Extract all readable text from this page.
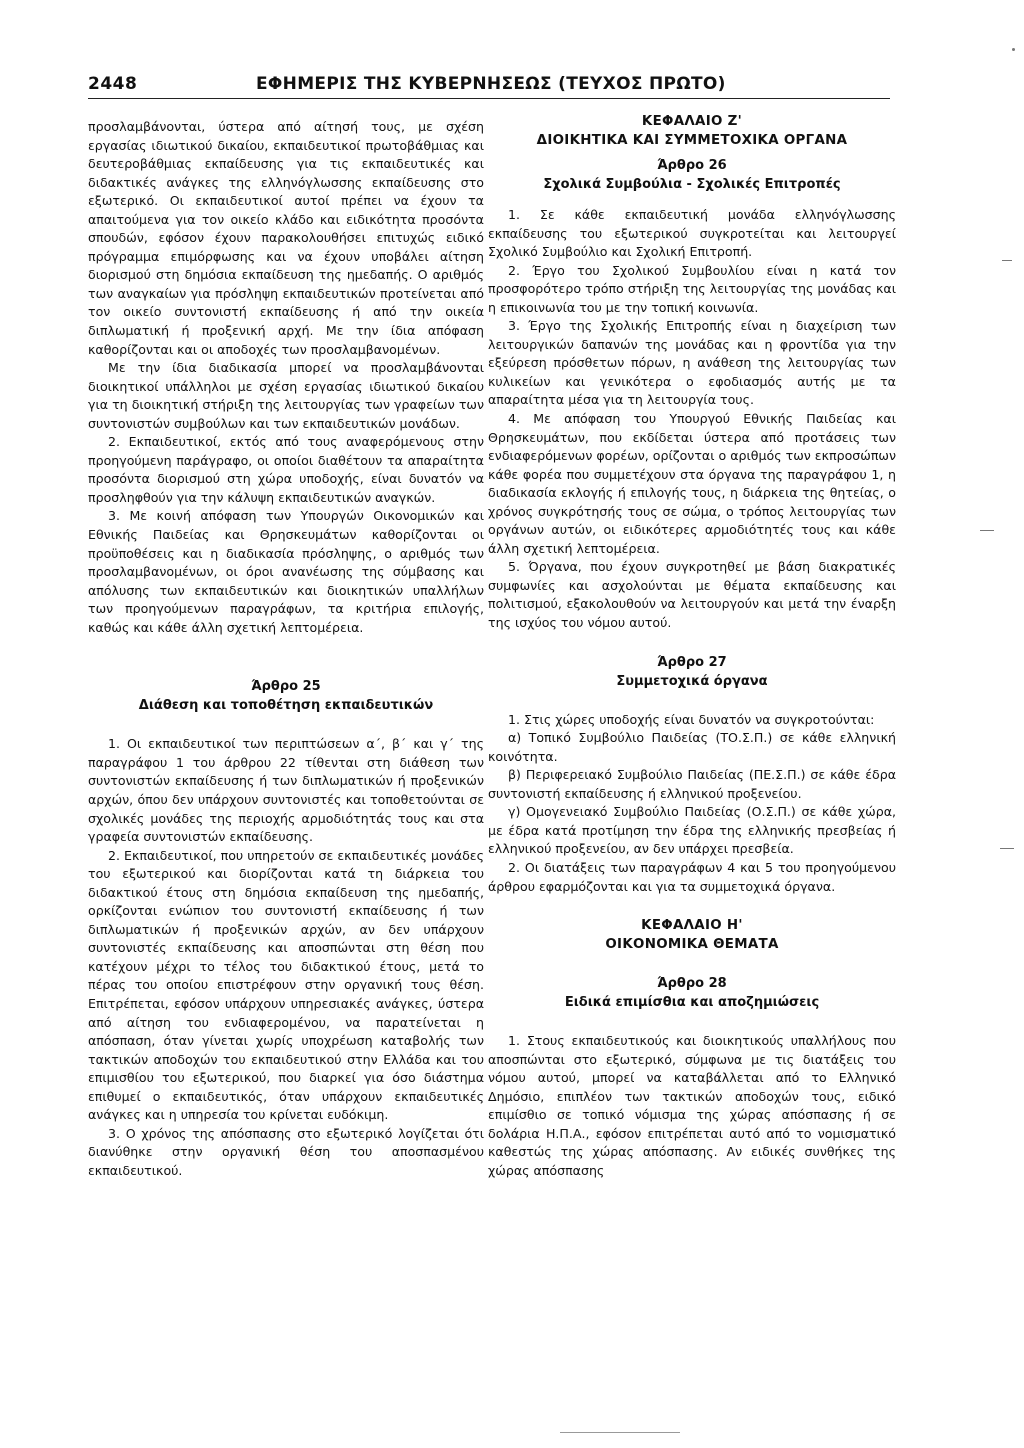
2448	ΕΦΗΜΕΡΙΣ ΤΗΣ ΚΥΒΕΡΝΗΣΕΩΣ (ΤΕΥΧΟΣ ΠΡΩΤΟ)

προσλαμβάνονται, ύστερα από αίτησή τους, με σχέση εργασίας ιδιωτικού δικαίου, εκπαιδευτικοί πρωτοβάθμιας και δευτεροβάθμιας εκπαίδευσης για τις εκπαιδευτικές και διδακτικές ανάγκες της ελληνόγλωσσης εκπαίδευσης στο εξωτερικό. Οι εκπαιδευτικοί αυτοί πρέπει να έχουν τα απαιτούμενα για τον οικείο κλάδο και ειδικότητα προσόντα σπουδών, εφόσον έχουν παρακολουθήσει επιτυχώς ειδικό πρόγραμμα επιμόρφωσης και να έχουν υποβάλει αίτηση διορισμού στη δημόσια εκπαίδευση της ημεδαπής. Ο αριθμός των αναγκαίων για πρόσληψη εκπαιδευτικών προτείνεται από τον οικείο συντονιστή εκπαίδευσης ή από την οικεία διπλωματική ή προξενική αρχή. Με την ίδια απόφαση καθορίζονται και οι αποδοχές των προσλαμβανομένων.

Με την ίδια διαδικασία μπορεί να προσλαμβάνονται διοικητικοί υπάλληλοι με σχέση εργασίας ιδιωτικού δικαίου για τη διοικητική στήριξη της λειτουργίας των γραφείων των συντονιστών συμβούλων και των εκπαιδευτικών μονάδων.

2. Εκπαιδευτικοί, εκτός από τους αναφερόμενους στην προηγούμενη παράγραφο, οι οποίοι διαθέτουν τα απαραίτητα προσόντα διορισμού στη χώρα υποδοχής, είναι δυνατόν να προσληφθούν για την κάλυψη εκπαιδευτικών αναγκών.

3. Με κοινή απόφαση των Υπουργών Οικονομικών και Εθνικής Παιδείας και Θρησκευμάτων καθορίζονται οι προϋποθέσεις και η διαδικασία πρόσληψης, ο αριθμός των προσλαμβανομένων, οι όροι ανανέωσης της σύμβασης και απόλυσης των εκπαιδευτικών και διοικητικών υπαλλήλων των προηγούμενων παραγράφων, τα κριτήρια επιλογής, καθώς και κάθε άλλη σχετική λεπτομέρεια.

Άρθρο 25

Διάθεση και τοποθέτηση εκπαιδευτικών

1. Οι εκπαιδευτικοί των περιπτώσεων α΄, β΄ και γ΄ της παραγράφου 1 του άρθρου 22 τίθενται στη διάθεση των συντονιστών εκπαίδευσης ή των διπλωματικών ή προξενικών αρχών, όπου δεν υπάρχουν συντονιστές και τοποθετούνται σε σχολικές μονάδες της περιοχής αρμοδιότητάς τους και στα γραφεία συντονιστών εκπαίδευσης.

2. Εκπαιδευτικοί, που υπηρετούν σε εκπαιδευτικές μονάδες του εξωτερικού και διορίζονται κατά τη διάρκεια του διδακτικού έτους στη δημόσια εκπαίδευση της ημεδαπής, ορκίζονται ενώπιον του συντονιστή εκπαίδευσης ή των διπλωματικών ή προξενικών αρχών, αν δεν υπάρχουν συντονιστές εκπαίδευσης και αποσπώνται στη θέση που κατέχουν μέχρι το τέλος του διδακτικού έτους, μετά το πέρας του οποίου επιστρέφουν στην οργανική τους θέση. Επιτρέπεται, εφόσον υπάρχουν υπηρεσιακές ανάγκες, ύστερα από αίτηση του ενδιαφερομένου, να παρατείνεται η απόσπαση, όταν γίνεται χωρίς υποχρέωση καταβολής των τακτικών αποδοχών του εκπαιδευτικού στην Ελλάδα και του επιμισθίου του εξωτερικού, που διαρκεί για όσο διάστημα επιθυμεί ο εκπαιδευτικός, όταν υπάρχουν εκπαιδευτικές ανάγκες και η υπηρεσία του κρίνεται ευδόκιμη.

3. Ο χρόνος της απόσπασης στο εξωτερικό λογίζεται ότι διανύθηκε στην οργανική θέση του αποσπασμένου εκπαιδευτικού.

ΚΕΦΑΛΑΙΟ Ζ'

ΔΙΟΙΚΗΤΙΚΑ ΚΑΙ ΣΥΜΜΕΤΟΧΙΚΑ ΟΡΓΑΝΑ

Άρθρο 26

Σχολικά Συμβούλια - Σχολικές Επιτροπές

1. Σε κάθε εκπαιδευτική μονάδα ελληνόγλωσσης εκπαίδευσης του εξωτερικού συγκροτείται και λειτουργεί Σχολικό Συμβούλιο και Σχολική Επιτροπή.

2. Έργο του Σχολικού Συμβουλίου είναι η κατά τον προσφορότερο τρόπο στήριξη της λειτουργίας της μονάδας και η επικοινωνία του με την τοπική κοινωνία.

3. Έργο της Σχολικής Επιτροπής είναι η διαχείριση των λειτουργικών δαπανών της μονάδας και η φροντίδα για την εξεύρεση πρόσθετων πόρων, η ανάθεση της λειτουργίας των κυλικείων και γενικότερα ο εφοδιασμός αυτής με τα απαραίτητα μέσα για τη λειτουργία τους.

4. Με απόφαση του Υπουργού Εθνικής Παιδείας και Θρησκευμάτων, που εκδίδεται ύστερα από προτάσεις των ενδιαφερόμενων φορέων, ορίζονται ο αριθμός των εκπροσώπων κάθε φορέα που συμμετέχουν στα όργανα της παραγράφου 1, η διαδικασία εκλογής ή επιλογής τους, η διάρκεια της θητείας, ο χρόνος συγκρότησής τους σε σώμα, ο τρόπος λειτουργίας των οργάνων αυτών, οι ειδικότερες αρμοδιότητές τους και κάθε άλλη σχετική λεπτομέρεια.

5. Όργανα, που έχουν συγκροτηθεί με βάση διακρατικές συμφωνίες και ασχολούνται με θέματα εκπαίδευσης και πολιτισμού, εξακολουθούν να λειτουργούν και μετά την έναρξη της ισχύος του νόμου αυτού.

Άρθρο 27

Συμμετοχικά όργανα

1. Στις χώρες υποδοχής είναι δυνατόν να συγκροτούνται:

α) Τοπικό Συμβούλιο Παιδείας (ΤΟ.Σ.Π.) σε κάθε ελληνική κοινότητα.

β) Περιφερειακό Συμβούλιο Παιδείας (ΠΕ.Σ.Π.) σε κάθε έδρα συντονιστή εκπαίδευσης ή ελληνικού προξενείου.

γ) Ομογενειακό Συμβούλιο Παιδείας (Ο.Σ.Π.) σε κάθε χώρα, με έδρα κατά προτίμηση την έδρα της ελληνικής πρεσβείας ή ελληνικού προξενείου, αν δεν υπάρχει πρεσβεία.

2. Οι διατάξεις των παραγράφων 4 και 5 του προηγούμενου άρθρου εφαρμόζονται και για τα συμμετοχικά όργανα.

ΚΕΦΑΛΑΙΟ Η'

ΟΙΚΟΝΟΜΙΚΑ ΘΕΜΑΤΑ

Άρθρο 28

Ειδικά επιμίσθια και αποζημιώσεις

1. Στους εκπαιδευτικούς και διοικητικούς υπαλλήλους που αποσπώνται στο εξωτερικό, σύμφωνα με τις διατάξεις του νόμου αυτού, μπορεί να καταβάλλεται από το Ελληνικό Δημόσιο, επιπλέον των τακτικών αποδοχών τους, ειδικό επιμίσθιο σε τοπικό νόμισμα της χώρας απόσπασης ή σε δολάρια Η.Π.Α., εφόσον επιτρέπεται αυτό από το νομισματικό καθεστώς της χώρας απόσπασης. Αν ειδικές συνθήκες της χώρας απόσπασης
